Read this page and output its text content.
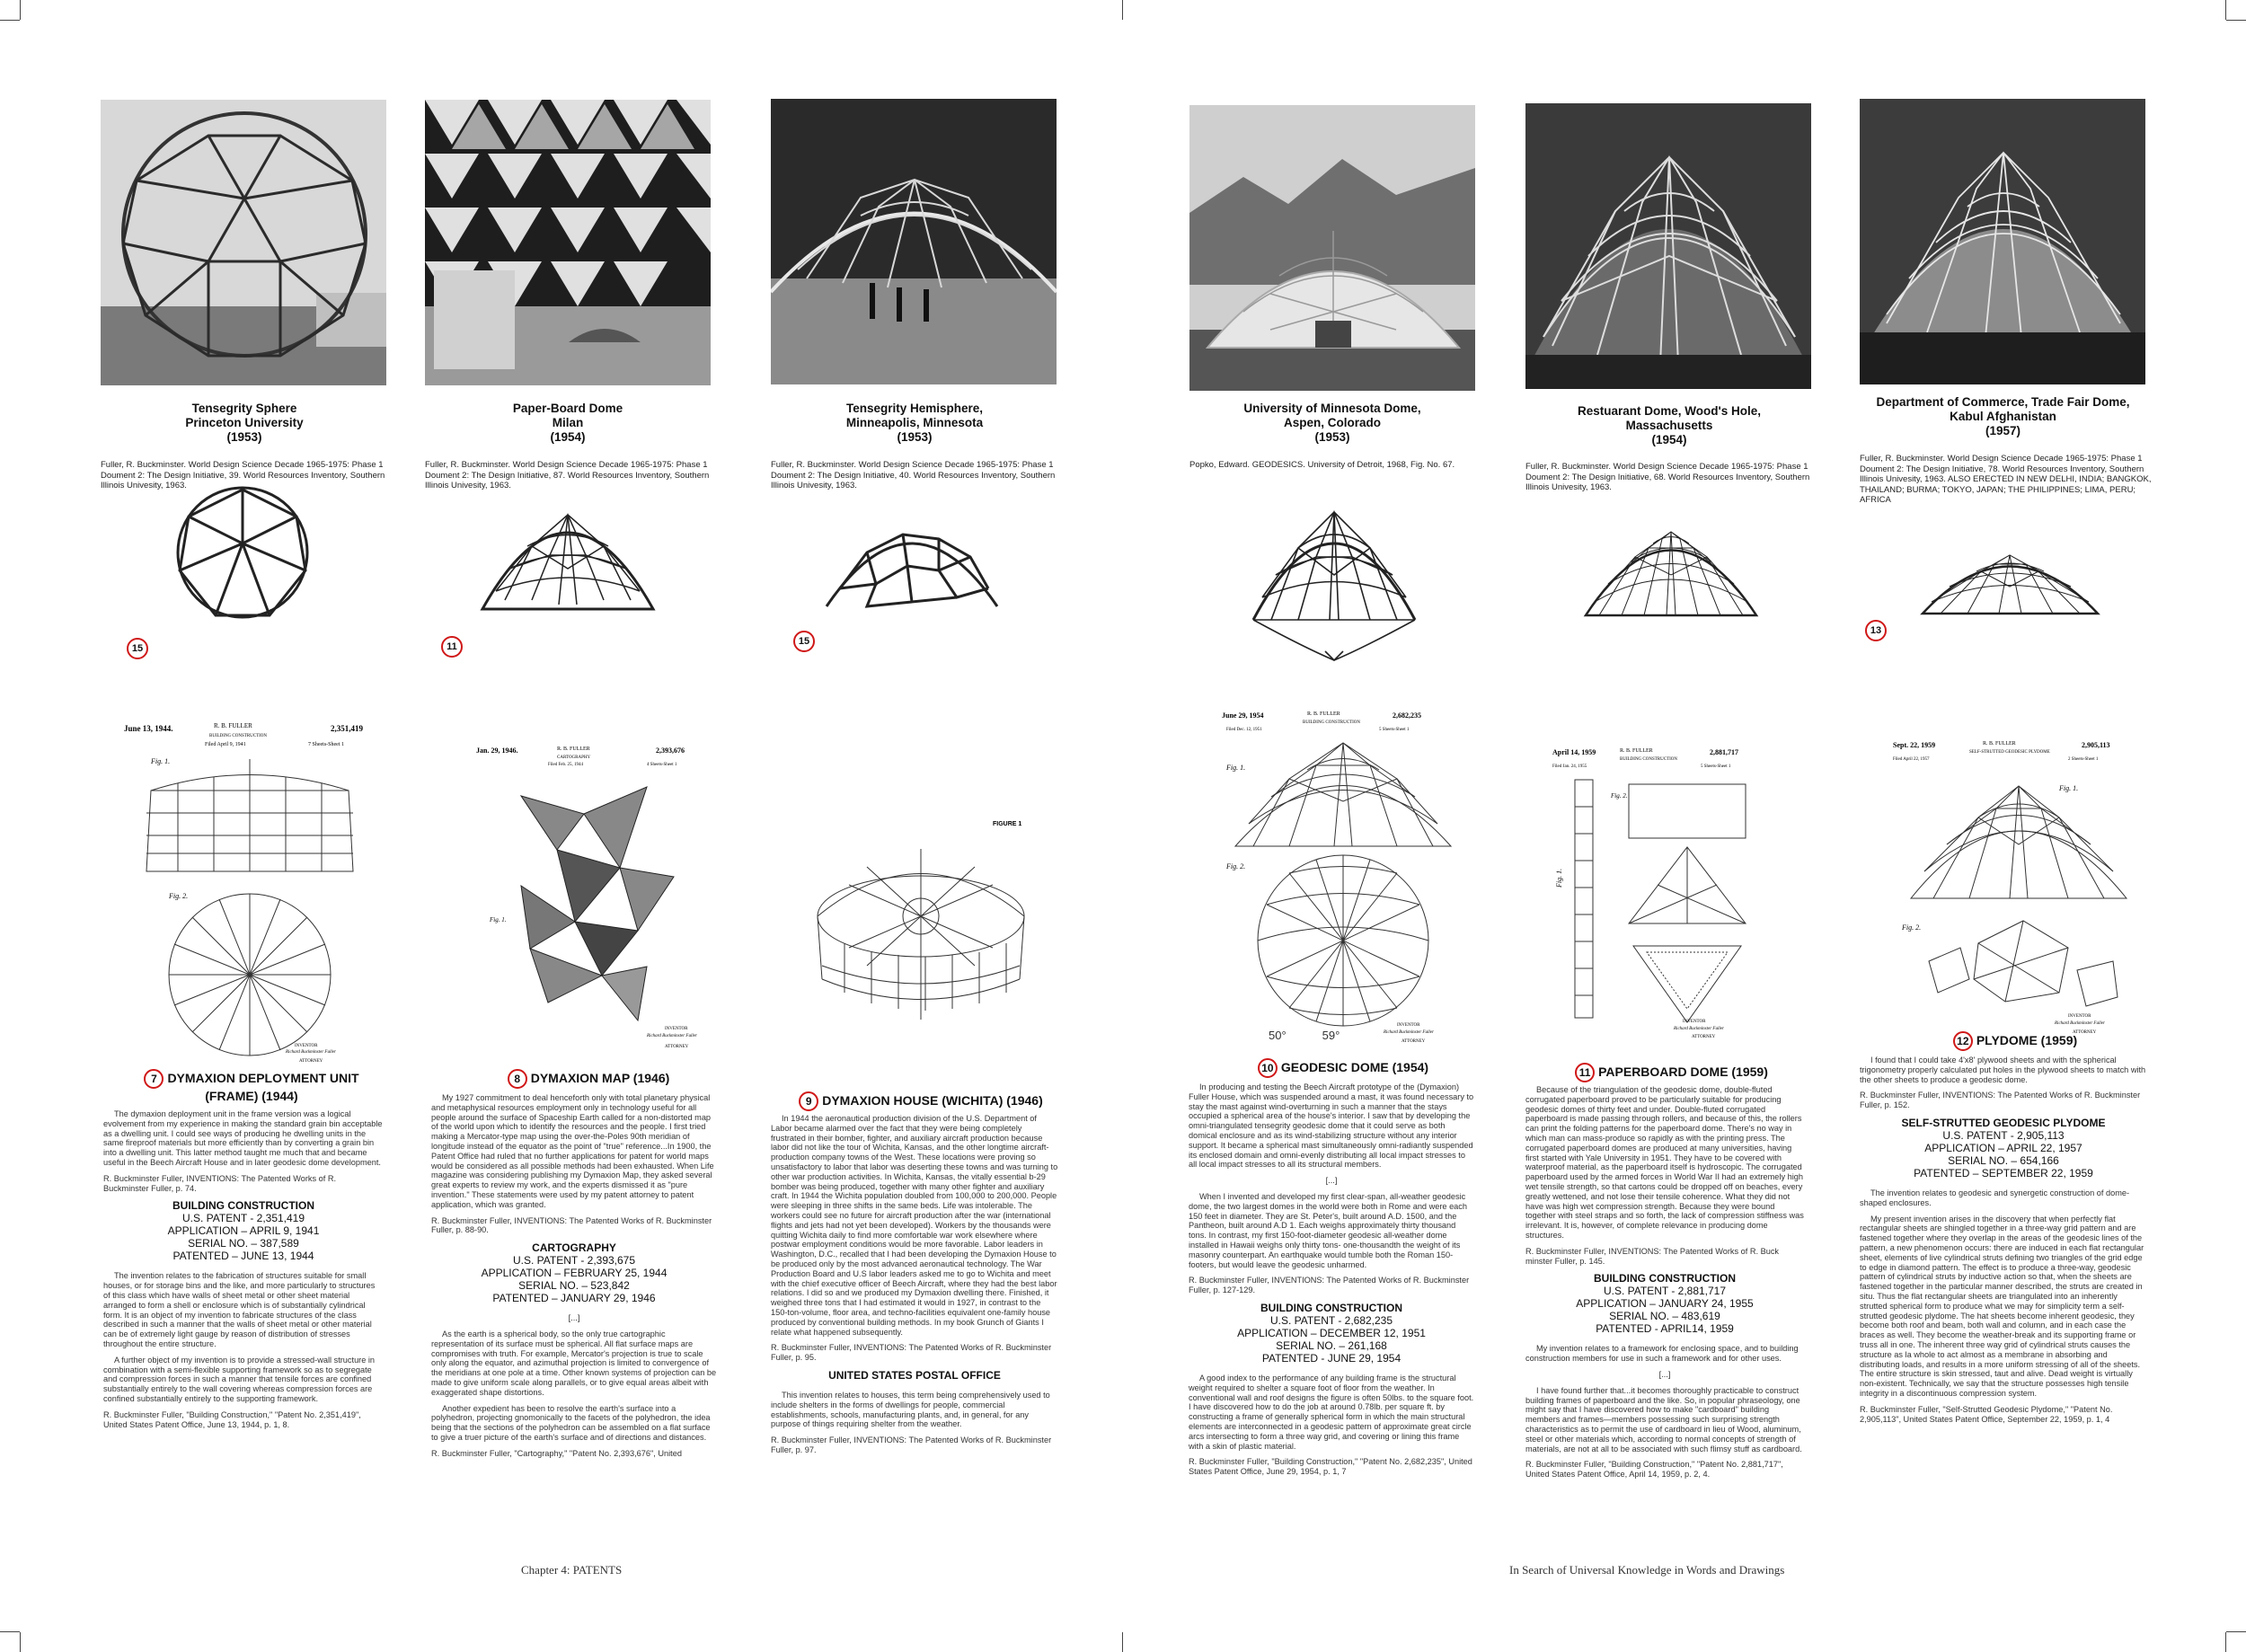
Tensegrity Sphere
Princeton University
(1953)
Fuller, R. Buckminster. World Design Science Decade 1965-1975: Phase 1 Doument 2: The Design Initiative, 39. World Resources Inventory, Southern Illinois Univesity, 1963.
15
June 13, 1944.	R. B. FULLER	2,351,419
BUILDING CONSTRUCTION
Filed April 9, 1941	7 Sheets-Sheet 1
Fig. 1.
Fig. 2.
INVENTOR
Richard Buckminster Fuller
ATTORNEY
7 DYMAXION DEPLOYMENT UNIT (FRAME) (1944)

The dymaxion deployment unit in the frame version was a logical evolvement from my experience in making the standard grain bin acceptable as a dwelling unit. I could see ways of producing he dwelling units in the same fireproof materials but more efficiently than by converting a grain bin into a dwelling unit. This latter method taught me much that and became useful in the Beech Aircraft House and in later geodesic dome development.

R. Buckminster Fuller, INVENTIONS: The Patented Works of R. Buckminster Fuller, p. 74.

BUILDING CONSTRUCTION
U.S. PATENT - 2,351,419
APPLICATION – APRIL 9, 1941
SERIAL NO. – 387,589
PATENTED – JUNE 13, 1944

The invention relates to the fabrication of structures suitable for small houses, or for storage bins and the like, and more particularly to structures of this class which have walls of sheet metal or other sheet material arranged to form a shell or enclosure which is of substantially cylindrical form. It is an object of my invention to fabricate structures of the class described in such a manner that the walls of sheet metal or other material can be of extremely light gauge by reason of distribution of stresses throughout the entire structure.

A further object of my invention is to provide a stressed-wall structure in combination with a semi-flexible supporting framework so as to segregate and compression forces in such a manner that tensile forces are confined substantially entirely to the wall covering whereas compression forces are confined substantially entirely to the supporting framework.

R. Buckminster Fuller, "Building Construction," "Patent No. 2,351,419", United States Patent Office, June 13, 1944, p. 1, 8.

Paper-Board Dome
Milan
(1954)
Fuller, R. Buckminster. World Design Science Decade 1965-1975: Phase 1 Doument 2: The Design Initiative, 87. World Resources Inventory, Southern Illinois Univesity, 1963.
11
Jan. 29, 1946.	R. B. FULLER	2,393,676
CARTOGRAPHY
Filed Feb. 25, 1944	4 Sheets-Sheet 1
Fig. 1.
INVENTOR
Richard Buckminster Fuller
ATTORNEY
8 DYMAXION MAP (1946)

My 1927 commitment to deal henceforth only with total planetary physical and metaphysical resources employment only in technology useful for all people around the surface of Spaceship Earth called for a non-distorted map of the world upon which to identify the resources and the people. I first tried making a Mercator-type map using the over-the-Poles 90th meridian of longitude instead of the equator as the point of "true" reference...In 1900, the Patent Office had ruled that no further applications for patent for world maps would be considered as all possible methods had been exhausted. When Life magazine was considering publishing my Dymaxion Map, they asked several great experts to review my work, and the experts dismissed it as "pure invention." These statements were used by my patent attorney to patent application, which was granted.

R. Buckminster Fuller, INVENTIONS: The Patented Works of R. Buckminster Fuller, p. 88-90.

CARTOGRAPHY
U.S. PATENT - 2,393,675
APPLICATION – FEBRUARY 25, 1944
SERIAL NO. – 523,842
PATENTED – JANUARY 29, 1946

[...]

As the earth is a spherical body, so the only true cartographic representation of its surface must be spherical. All flat surface maps are compromises with truth. For example, Mercator's projection is true to scale only along the equator, and azimuthal projection is limited to convergence of the meridians at one pole at a time. Other known systems of projection can be made to give uniform scale along parallels, or to give equal areas albeit with exaggerated shape distortions.

Another expedient has been to resolve the earth's surface into a polyhedron, projecting gnomonically to the facets of the polyhedron, the idea being that the sections of the polyhedron can be assembled on a flat surface to give a truer picture of the earth's surface and of directions and distances.

R. Buckminster Fuller, "Cartography," "Patent No. 2,393,676", United

Tensegrity Hemisphere,
Minneapolis, Minnesota
(1953)
Fuller, R. Buckminster. World Design Science Decade 1965-1975: Phase 1 Doument 2: The Design Initiative, 40. World Resources Inventory, Southern Illinois Univesity, 1963.
15
FIGURE 1
9 DYMAXION HOUSE (WICHITA) (1946)

In 1944 the aeronautical production division of the U.S. Department of Labor became alarmed over the fact that they were being completely frustrated in their bomber, fighter, and auxiliary aircraft production because labor did not like the tour of Wichita, Kansas, and the other longtime aircraft-production company towns of the West. These locations were proving so unsatisfactory to labor that labor was deserting these towns and was turning to other war production activities. In Wichita, Kansas, the vitally essential b-29 bomber was being produced, together with many other fighter and auxiliary craft. In 1944 the Wichita population doubled from 100,000 to 200,000. People were sleeping in three shifts in the same beds. Life was intolerable. The workers could see no future for aircraft production after the war (international flights and jets had not yet been developed). Workers by the thousands were quitting Wichita daily to find more comfortable war work elsewhere where postwar employment conditions would be more favorable. Labor leaders in Washington, D.C., recalled that I had been developing the Dymaxion House to be produced only by the most advanced aeronautical technology. The War Production Board and U.S labor leaders asked me to go to Wichita and meet with the chief executive officer of Beech Aircraft, where they had the best labor relations. I did so and we produced my Dymaxion dwelling there. Finished, it weighed three tons that I had estimated it would in 1927, in contrast to the 150-ton-volume, floor area, and techno-facilities equivalent one-family house produced by conventional building methods. In my book Grunch of Giants I relate what happened subsequently.

R. Buckminster Fuller, INVENTIONS: The Patented Works of R. Buckminster Fuller, p. 95.

UNITED STATES POSTAL OFFICE

This invention relates to houses, this term being comprehensively used to include shelters in the forms of dwellings for people, commercial establishments, schools, manufacturing plants, and, in general, for any purpose of things requiring shelter from the weather.

R. Buckminster Fuller, INVENTIONS: The Patented Works of R. Buckminster Fuller, p. 97.

University of Minnesota Dome,
Aspen, Colorado
(1953)
Popko, Edward. GEODESICS. University of Detroit, 1968, Fig. No. 67.
June 29, 1954	R. B. FULLER	2,682,235
BUILDING CONSTRUCTION
Filed Dec. 12, 1951	5 Sheets-Sheet 1
Fig. 1.
Fig. 2.
INVENTOR
Richard Buckminster Fuller
ATTORNEY
50°	59°
10 GEODESIC DOME (1954)

In producing and testing the Beech Aircraft prototype of the (Dymaxion) Fuller House, which was suspended around a mast, it was found necessary to stay the mast against wind-overturning in such a manner that the stays occupied a spherical area of the house's interior. I saw that by developing the omni-triangulated tensegrity geodesic dome that it could serve as both domical enclosure and as its wind-stabilizing structure without any interior support. It became a spherical mast simultaneously omni-radiantly suspended its enclosed domain and omni-evenly distributing all local impact stresses to all local impact stresses to all its structural members.

[...]

When I invented and developed my first clear-span, all-weather geodesic dome, the two largest domes in the world were both in Rome and were each 150 feet in diameter. They are St. Peter's, built around A.D. 1500, and the Pantheon, built around A.D 1. Each weighs approximately thirty thousand tons. In contrast, my first 150-foot-diameter geodesic all-weather dome installed in Hawaii weighs only thirty tons- one-thousandth the weight of its masonry counterpart. An earthquake would tumble both the Roman 150-footers, but would leave the geodesic unharmed.

R. Buckminster Fuller, INVENTIONS: The Patented Works of R. Buckminster Fuller, p. 127-129.

BUILDING CONSTRUCTION
U.S. PATENT - 2,682,235
APPLICATION – DECEMBER 12, 1951
SERIAL NO. – 261,168
PATENTED - JUNE 29, 1954

A good index to the performance of any building frame is the structural weight required to shelter a square foot of floor from the weather. In conventional wall and roof designs the figure is often 50lbs. to the square foot. I have discovered how to do the job at around 0.78lb. per square ft. by constructing a frame of generally spherical form in which the main structural elements are interconnected in a geodesic pattern of approximate great circle arcs intersecting to form a three way grid, and covering or lining this frame with a skin of plastic material.

R. Buckminster Fuller, "Building Construction," "Patent No. 2,682,235", United States Patent Office, June 29, 1954, p. 1, 7

Restuarant Dome, Wood's Hole,
Massachusetts
(1954)
Fuller, R. Buckminster. World Design Science Decade 1965-1975: Phase 1 Doument 2: The Design Initiative, 68. World Resources Inventory, Southern Illinois Univesity, 1963.
April 14, 1959	R. B. FULLER	2,881,717
BUILDING CONSTRUCTION
Filed Jan. 24, 1955	5 Sheets-Sheet 1
Fig. 1.
Fig. 2.
INVENTOR
Richard Buckminster Fuller
ATTORNEY
11 PAPERBOARD DOME (1959)

Because of the triangulation of the geodesic dome, double-fluted corrugated paperboard proved to be particularly suitable for producing geodesic domes of thirty feet and under. Double-fluted corrugated paperboard is made passing through rollers, and because of this, the rollers can print the folding patterns for the paperboard dome. There's no way in which man can mass-produce so rapidly as with the printing press. The corrugated paperboard domes are produced at many universities, having first started with Yale University in 1951. They have to be covered with waterproof material, as the paperboard itself is hydroscopic. The corrugated paperboard used by the armed forces in World War II had an extremely high wet tensile strength, so that cartons could be dropped off on beaches, every greatly wettened, and not lose their tensile coherence. What they did not have was high wet compression strength. Because they were bound together with steel straps and so forth, the lack of compression stiffness was irrelevant. It is, however, of complete relevance in producing dome structures.

R. Buckminster Fuller, INVENTIONS: The Patented Works of R. Buck minster Fuller, p. 145.

BUILDING CONSTRUCTION
U.S. PATENT - 2,881,717
APPLICATION – JANUARY 24, 1955
SERIAL NO. – 483,619
PATENTED - APRIL14, 1959

My invention relates to a framework for enclosing space, and to building construction members for use in such a framework and for other uses.

[...]

I have found further that...it becomes thoroughly practicable to construct building frames of paperboard and the like. So, in popular phraseology, one might say that I have discovered how to make "cardboard" building members and frames—members possessing such surprising strength characteristics as to permit the use of cardboard in lieu of Wood, aluminum, steel or other materials which, according to normal concepts of strength of materials, are not at all to be associated with such flimsy stuff as cardboard.

R. Buckminster Fuller, "Building Construction," "Patent No. 2,881,717", United States Patent Office, April 14, 1959, p. 2, 4.

Department of Commerce, Trade Fair Dome,
Kabul Afghanistan
(1957)
Fuller, R. Buckminster. World Design Science Decade 1965-1975: Phase 1 Doument 2: The Design Initiative, 78. World Resources Inventory, Southern Illinois Univesity, 1963. ALSO ERECTED IN NEW DELHI, INDIA; BANGKOK, THAILAND; BURMA; TOKYO, JAPAN; THE PHILIPPINES; LIMA, PERU; AFRICA
13
Sept. 22, 1959	R. B. FULLER	2,905,113
SELF-STRUTTED GEODESIC PLYDOME
Filed April 22, 1957	2 Sheets-Sheet 1
Fig. 1.
Fig. 2.
INVENTOR
Richard Buckminster Fuller
ATTORNEY
12 PLYDOME (1959)

I found that I could take 4'x8' plywood sheets and with the spherical trigonometry properly calculated put holes in the plywood sheets to match with the other sheets to produce a geodesic dome.

R. Buckminster Fuller, INVENTIONS: The Patented Works of R. Buckminster Fuller, p. 152.

SELF-STRUTTED GEODESIC PLYDOME
U.S. PATENT - 2,905,113
APPLICATION – APRIL 22, 1957
SERIAL NO. – 654,166
PATENTED – SEPTEMBER 22, 1959

The invention relates to geodesic and synergetic construction of dome-shaped enclosures.

My present invention arises in the discovery that when perfectly flat rectangular sheets are shingled together in a three-way grid pattern and are fastened together where they overlap in the areas of the geodesic lines of the pattern, a new phenomenon occurs: there are induced in each flat rectangular sheet, elements of live cylindrical struts defining two triangles of the grid edge to edge in diamond pattern. The effect is to produce a three-way, geodesic pattern of cylindrical struts by inductive action so that, when the sheets are fastened together in the particular manner described, the struts are created in situ. Thus the flat rectangular sheets are triangulated into an inherently strutted spherical form to produce what we may for simplicity term a self-strutted geodesic plydome. The hat sheets become inherent geodesic, they become both roof and beam, both wall and column, and in each case the braces as well. They become the weather-break and its supporting frame or truss all in one. The inherent three way grid of cylindrical struts causes the structure as la whole to act almost as a membrane in absorbing and distributing loads, and results in a more uniform stressing of all of the sheets. The entire structure is skin stressed, taut and alive. Dead weight is virtually non-existent. Technically, we say that the structure possesses high tensile integrity in a discontinuous compression system.

R. Buckminster Fuller, "Self-Strutted Geodesic Plydome," "Patent No. 2,905,113", United States Patent Office, September 22, 1959, p. 1, 4

Chapter 4: PATENTS	In Search of Universal Knowledge in Words and Drawings
